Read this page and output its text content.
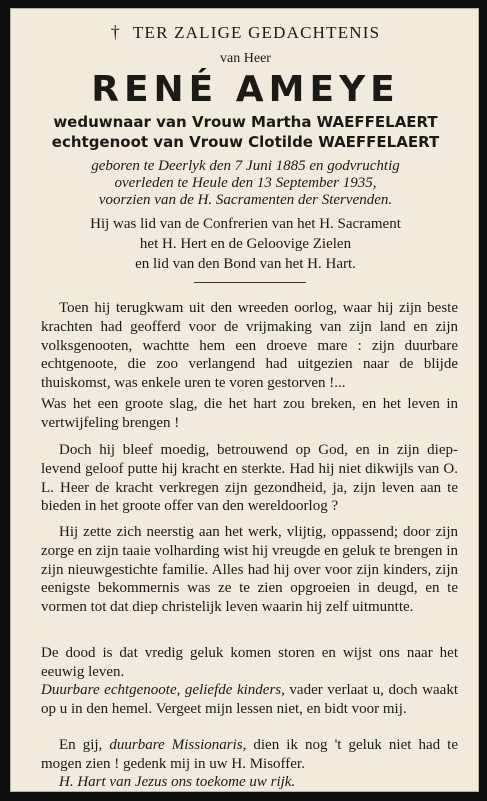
† TER ZALIGE GEDACHTENIS
van Heer
RENÉ AMEYE
weduwnaar van Vrouw Martha WAEFFELAERT
echtgenoot van Vrouw Clotilde WAEFFELAERT
geboren te Deerlyk den 7 Juni 1885 en godvruchtig
overleden te Heule den 13 September 1935,
voorzien van de H. Sacramenten der Stervenden.
Hij was lid van de Confrerien van het H. Sacrament
het H. Hert en de Geloovige Zielen
en lid van den Bond van het H. Hart.

Toen hij terugkwam uit den wreeden oorlog, waar hij zijn beste krachten had geofferd voor de vrijmaking van zijn land en zijn volksgenooten, wachtte hem een droeve mare : zijn duurbare echtgenoote, die zoo verlangend had uitgezien naar de blijde thuiskomst, was enkele uren te voren gestorven !...

Was het een groote slag, die het hart zou breken, en het leven in vertwijfeling brengen !

Doch hij bleef moedig, betrouwend op God, en in zijn diep-levend geloof putte hij kracht en sterkte. Had hij niet dikwijls van O. L. Heer de kracht verkregen zijn gezondheid, ja, zijn leven aan te bieden in het groote offer van den wereldoorlog ?

Hij zette zich neerstig aan het werk, vlijtig, oppassend; door zijn zorge en zijn taaie volharding wist hij vreugde en geluk te brengen in zijn nieuwgestichte familie. Alles had hij over voor zijn kinders, zijn eenigste bekommernis was ze te zien opgroeien in deugd, en te vormen tot dat diep christelijk leven waarin hij zelf uitmuntte.

De dood is dat vredig geluk komen storen en wijst ons naar het eeuwig leven.

Duurbare echtgenoote, geliefde kinders, vader verlaat u, doch waakt op u in den hemel. Vergeet mijn lessen niet, en bidt voor mij.

En gij, duurbare Missionaris, dien ik nog 't geluk niet had te mogen zien ! gedenk mij in uw H. Misoffer.

H. Hart van Jezus ons toekome uw rijk.
